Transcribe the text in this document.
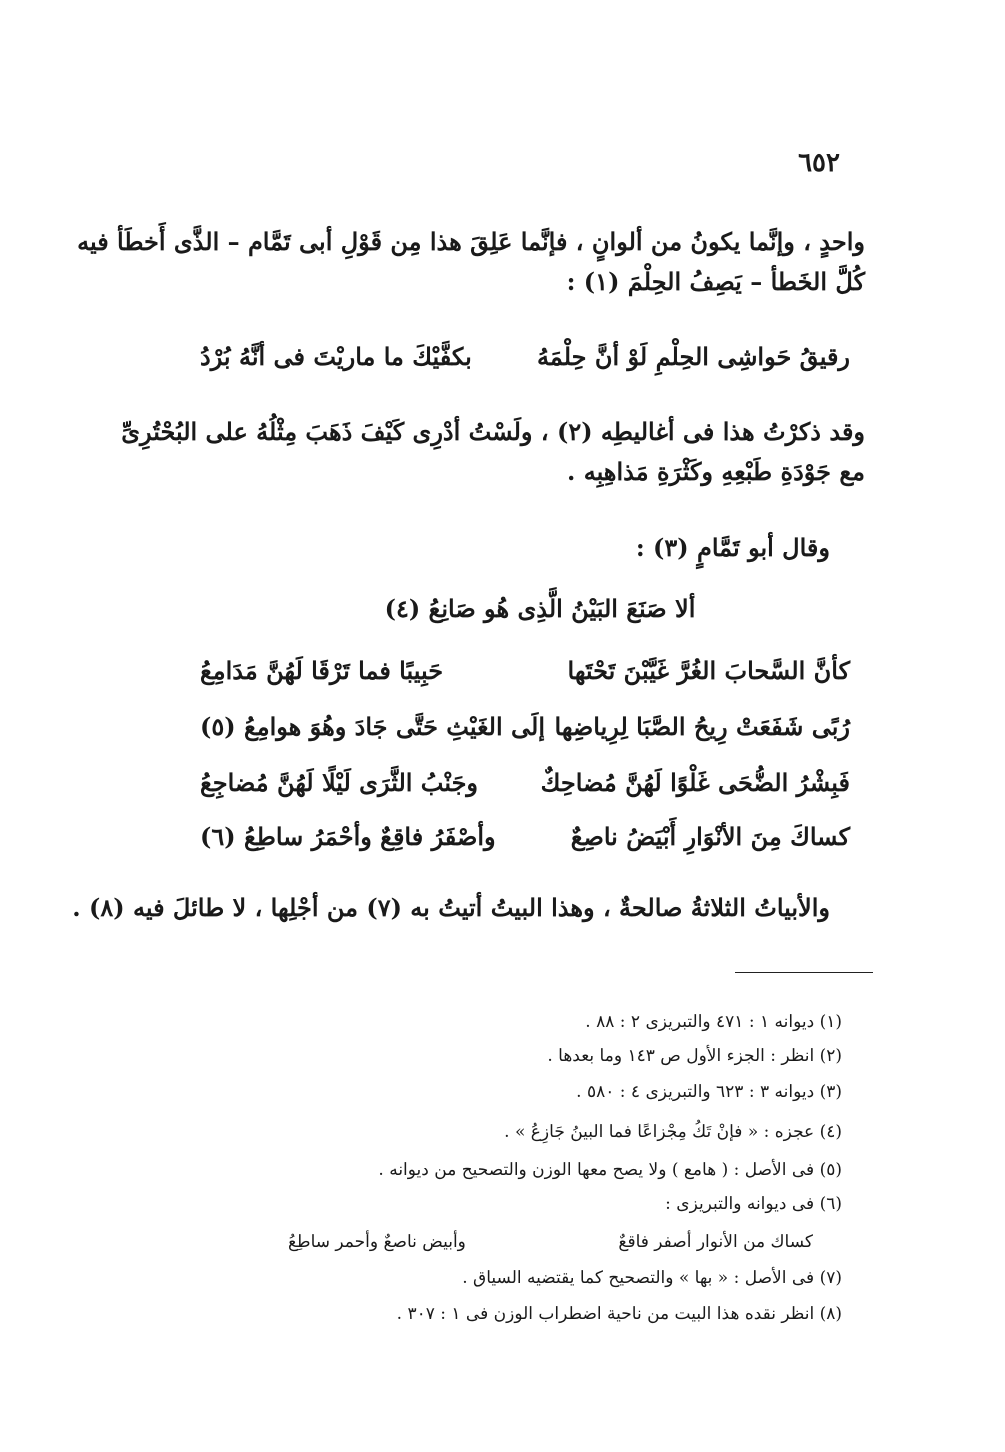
٦٥٢
واحدٍ ، وإنَّما يكونُ من ألوانٍ ، فإنَّما عَلِقَ هذا مِن قَوْلِ أبى تَمَّام – الذَّى أَخطَأ فيه
كُلَّ الخَطأ – يَصِفُ الحِلْمَ (١) :
رقيقُ حَواشِى الحِلْمِ لَوْ أنَّ حِلْمَهُ
بكفَّيْكَ ما ماريْتَ فى أنَّهُ بُرْدُ
وقد ذكرْتُ هذا فى أغاليطِه (٢) ، ولَسْتُ أدْرِى كَيْفَ ذَهَبَ مِثْلُهُ على البُحْتُرِىِّ
مع جَوْدَةِ طَبْعِهِ وكَثْرَةِ مَذاهِبِه .
وقال أبو تَمَّامٍ (٣) :
ألا صَنَعَ البَيْنُ الَّذِى هُو صَانِعُ (٤)
كأنَّ السَّحابَ الغُرَّ غَيَّبْنَ تَحْتَها
حَبِيبًا فما تَرْقَا لَهُنَّ مَدَامِعُ
رُبًى شَفَعَتْ رِيحُ الصَّبَا لِرِياضِها
إلَى الغَيْثِ حَتَّى جَادَ وهُوَ هوامِعُ (٥)
فَبِشْرُ الضُّحَى غَلْوًا لَهُنَّ مُضاحِكٌ
وجَنْبُ الثَّرَى لَيْلًا لَهُنَّ مُضاجِعُ
كساكَ مِنَ الأنْوَارِ أَبْيَضُ ناصِعٌ
وأصْفَرُ فاقِعٌ وأحْمَرُ ساطِعُ (٦)
والأبياتُ الثلاثةُ صالحةٌ ، وهذا البيتُ أتيتُ به (٧) من أجْلِها ، لا طائلَ فيه (٨) .
(١) ديوانه ١ : ٤٧١ والتبريزى ٢ : ٨٨ .
(٢) انظر : الجزء الأول ص ١٤٣ وما بعدها .
(٣) ديوانه ٣ : ٦٢٣ والتبريزى ٤ : ٥٨٠ .
(٤) عجزه : « فإنْ تَكُ مِجْزاعًا فما البينُ جَازِعُ » .
(٥) فى الأصل : ( هامع ) ولا يصح معها الوزن والتصحيح من ديوانه .
(٦) فى ديوانه والتبريزى :
كساك من الأنوار أصفر فاقعٌ
وأبيض ناصعٌ وأحمر ساطِعُ
(٧) فى الأصل : « بها » والتصحيح كما يقتضيه السياق .
(٨) انظر نقده هذا البيت من ناحية اضطراب الوزن فى ١ : ٣٠٧ .
